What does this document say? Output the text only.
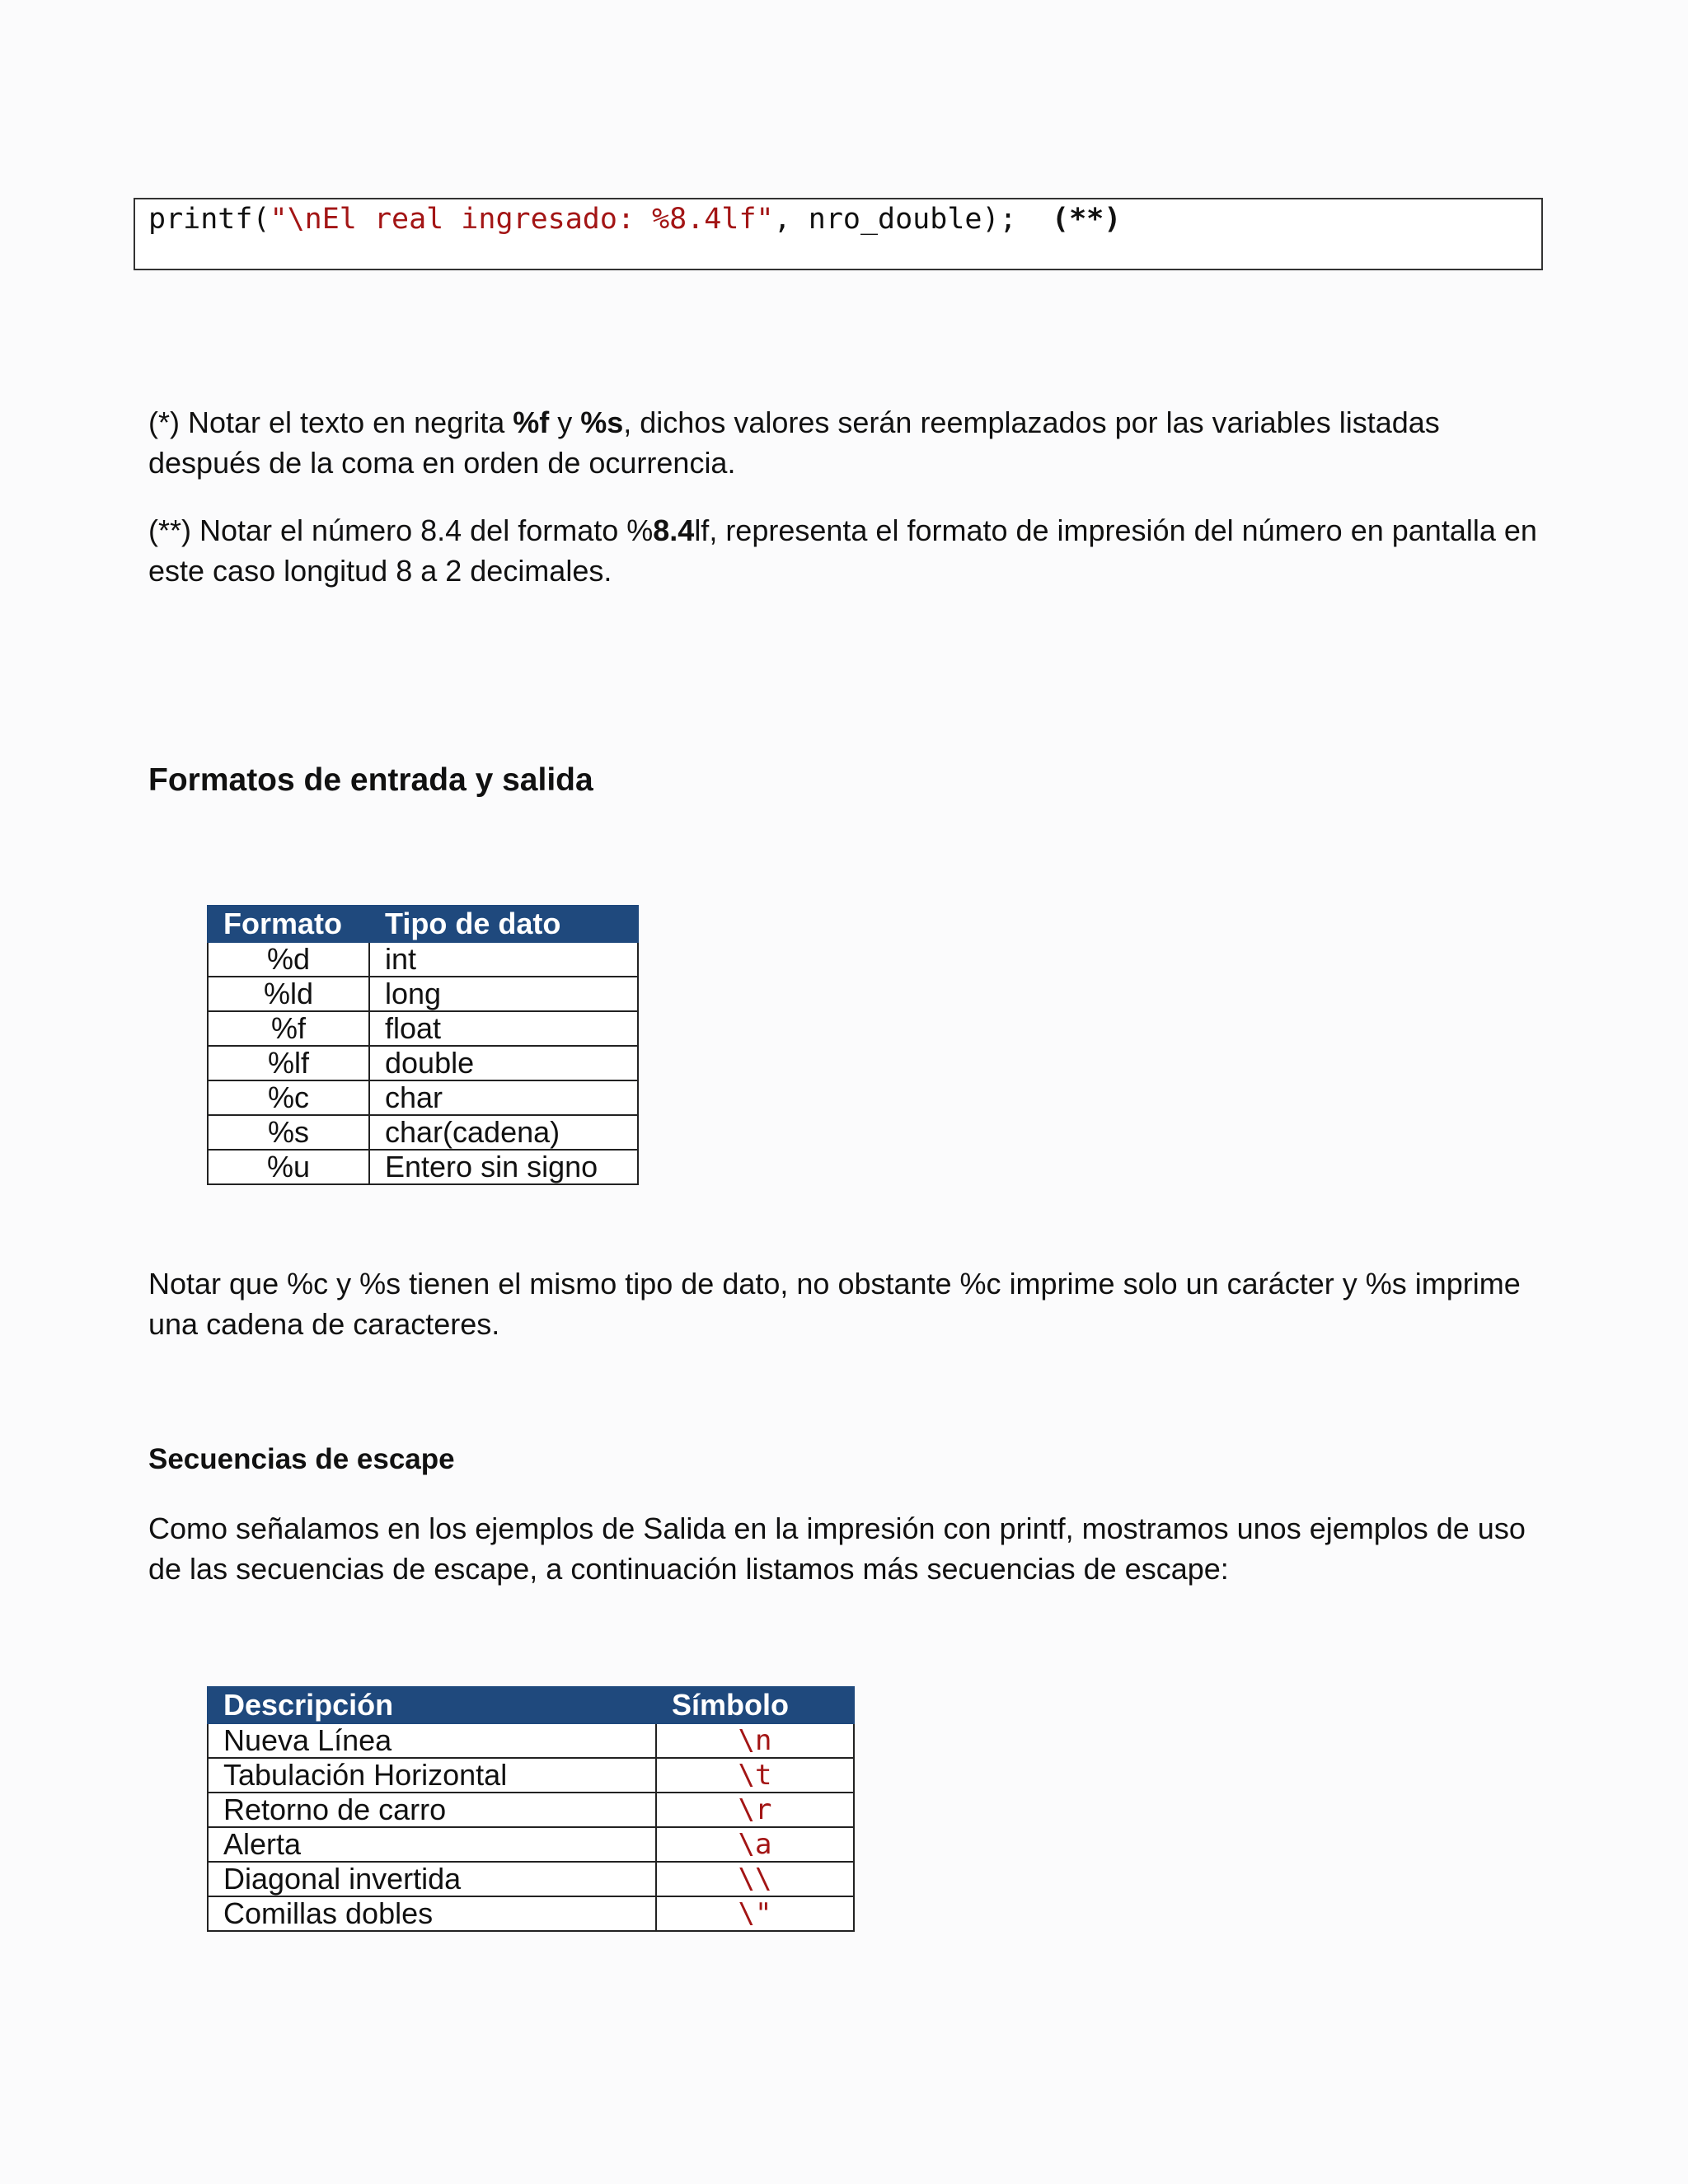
printf("\nEl real ingresado: %8.4lf", nro_double); (**)
(*) Notar el texto en negrita %f y %s, dichos valores serán reemplazados por las variables listadas después de la coma en orden de ocurrencia.
(**) Notar el número 8.4 del formato %8.4lf, representa el formato de impresión del número en pantalla en este caso longitud 8 a 2 decimales.
Formatos de entrada y salida
Formato	Tipo de dato
%d	int
%ld	long
%f	float
%lf	double
%c	char
%s	char(cadena)
%u	Entero sin signo
Notar que %c y %s tienen el mismo tipo de dato, no obstante %c imprime solo un carácter y %s imprime una cadena de caracteres.
Secuencias de escape
Como señalamos en los ejemplos de Salida en la impresión con printf, mostramos unos ejemplos de uso de las secuencias de escape, a continuación listamos más secuencias de escape:
Descripción	Símbolo
Nueva Línea	\n
Tabulación Horizontal	\t
Retorno de carro	\r
Alerta	\a
Diagonal invertida	\\
Comillas dobles	\"
